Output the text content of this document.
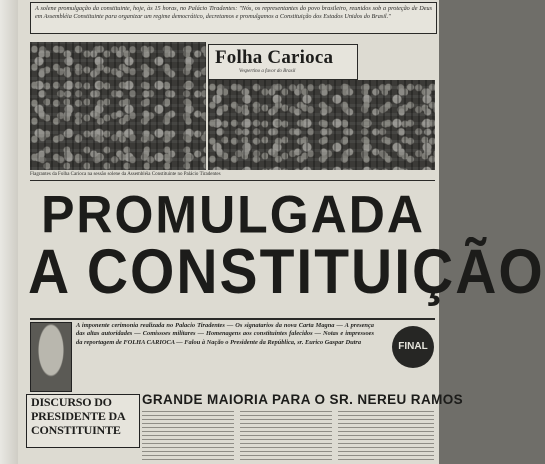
A solene promulgação da constituinte, hoje, às 15 horas, no Palácio Tiradentes: "Nós, os representantes do povo brasileiro, reunidos sob a proteção de Deus em Assembléia Constituinte para organizar um regime democrático, decretamos e promulgamos a Constituição dos Estados Unidos do Brasil."

Folha Carioca
Vespertino a favor do Brasil
Flagrantes da Folha Carioca na sessão solene da Assembléia Constituinte no Palácio Tiradentes
PROMULGADA
A CONSTITUIÇÃO
A imponente cerimonia realizada no Palacio Tiradentes — Os signatarios da nova Carta Magna — A presença das altas autoridades — Comissoes militares — Homenagens aos constituintes falecidos — Notas e impressoes da reportagem de FOLHA CARIOCA — Falou à Nação o Presidente da República, sr. Eurico Gaspar Dutra	FINAL
DISCURSO DO
PRESIDENTE DA
CONSTITUINTE
GRANDE MAIORIA PARA O SR. NEREU RAMOS
